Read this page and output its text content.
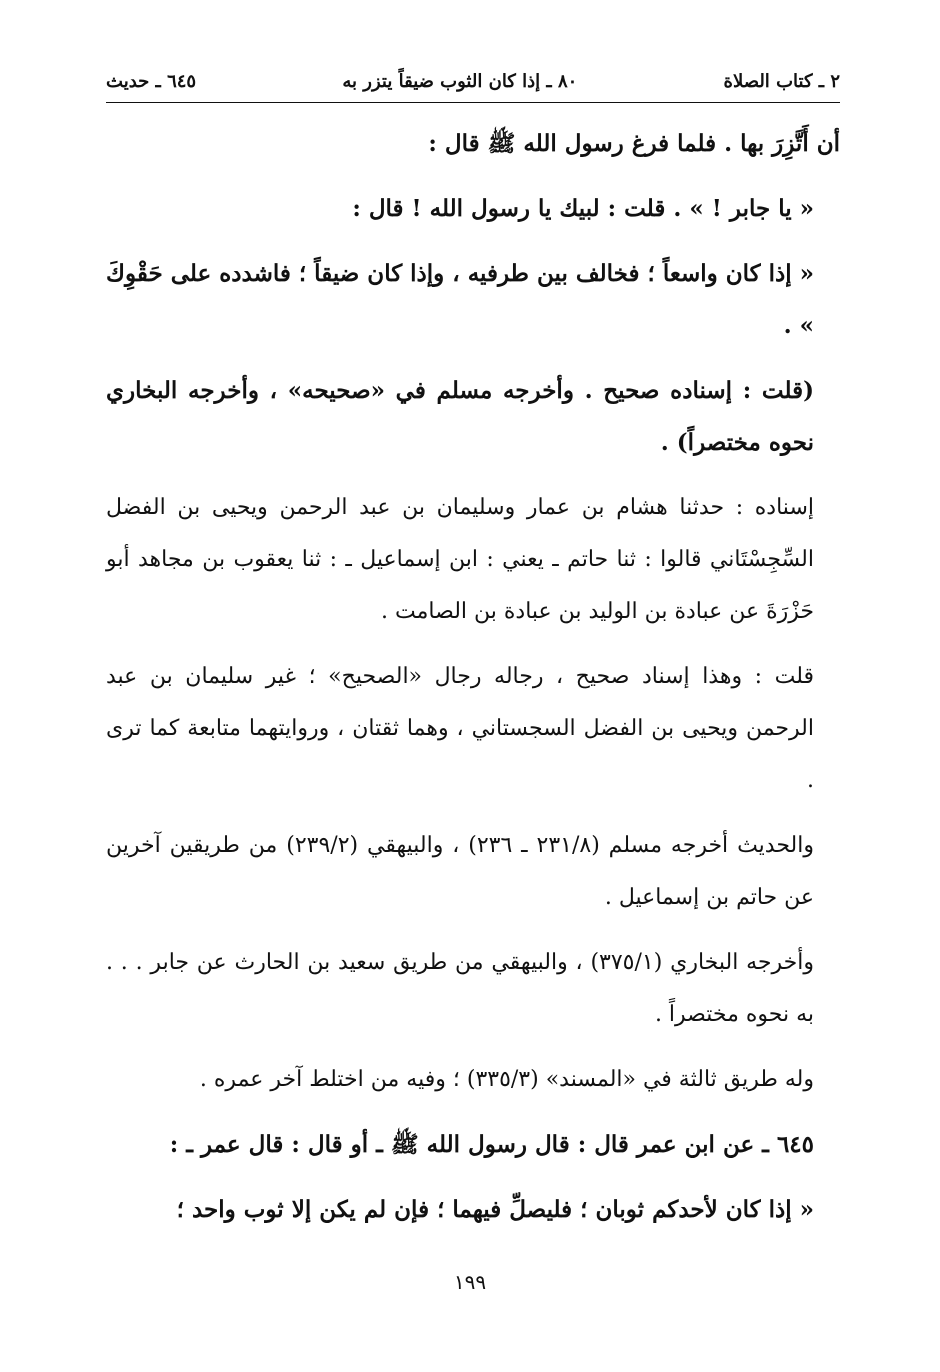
٢ ـ كتاب الصلاة
٨٠ ـ إذا كان الثوب ضيقاً يتزر به
٦٤٥ ـ حديث

أن أَتَّزِرَ بها . فلما فرغ رسول الله ﷺ قال :

« يا جابر ! » . قلت : لبيك يا رسول الله ! قال :

« إذا كان واسعاً ؛ فخالف بين طرفيه ، وإذا كان ضيقاً ؛ فاشدده على حَقْوِكَ » .

(قلت : إسناده صحيح . وأخرجه مسلم في «صحيحه» ، وأخرجه البخاري نحوه مختصراً) .

إسناده : حدثنا هشام بن عمار وسليمان بن عبد الرحمن ويحيى بن الفضل السِّجِسْتَاني قالوا : ثنا حاتم ـ يعني : ابن إسماعيل ـ : ثنا يعقوب بن مجاهد أبو حَزْرَةَ عن عبادة بن الوليد بن عبادة بن الصامت .

قلت : وهذا إسناد صحيح ، رجاله رجال «الصحيح» ؛ غير سليمان بن عبد الرحمن ويحيى بن الفضل السجستاني ، وهما ثقتان ، وروايتهما متابعة كما ترى .

والحديث أخرجه مسلم (٢٣١/٨ ـ ٢٣٦) ، والبيهقي (٢٣٩/٢) من طريقين آخرين عن حاتم بن إسماعيل .

وأخرجه البخاري (٣٧٥/١) ، والبيهقي من طريق سعيد بن الحارث عن جابر . . . به نحوه مختصراً .

وله طريق ثالثة في «المسند» (٣٣٥/٣) ؛ وفيه من اختلط آخر عمره .

٦٤٥ ـ عن ابن عمر قال : قال رسول الله ﷺ ـ أو قال : قال عمر ـ :

« إذا كان لأحدكم ثوبان ؛ فليصلِّ فيهما ؛ فإن لم يكن إلا ثوب واحد ؛

١٩٩
